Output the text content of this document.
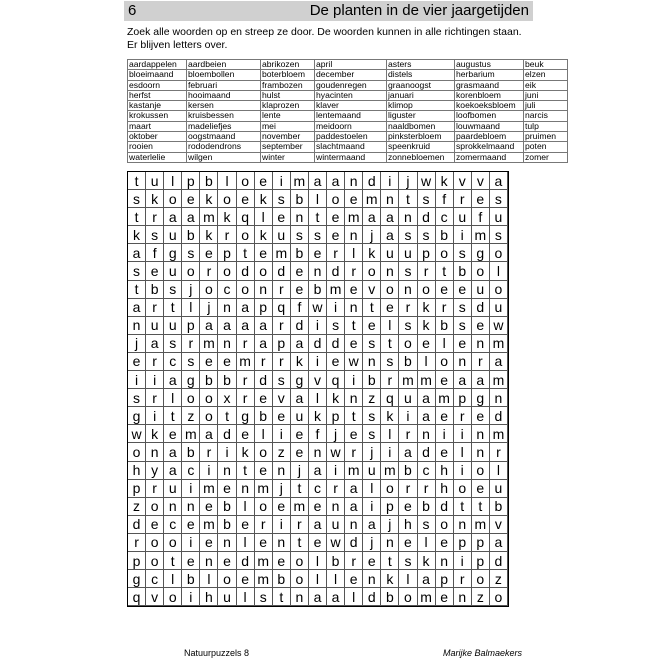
6	De planten in de vier jaargetijden
Zoek alle woorden op en streep ze door. De woorden kunnen in alle richtingen staan.
Er blijven letters over.
aardappelen	aardbeien	abrikozen	april	asters	augustus	beuk
bloeimaand	bloembollen	boterbloem	december	distels	herbarium	elzen
esdoorn	februari	frambozen	goudenregen	graanoogst	grasmaand	eik
herfst	hooimaand	hulst	hyacinten	januari	korenbloem	juni
kastanje	kersen	klaprozen	klaver	klimop	koekoeksbloem	juli
krokussen	kruisbessen	lente	lentemaand	liguster	loofbomen	narcis
maart	madeliefjes	mei	meidoorn	naaldbomen	louwmaand	tulp
oktober	oogstmaand	november	paddestoelen	pinksterbloem	paardebloem	pruimen
rooien	rododendrons	september	slachtmaand	speenkruid	sprokkelmaand	poten
waterlelie	wilgen	winter	wintermaand	zonnebloemen	zomermaand	zomer
t u l p b l o e i m a a n d i	j w k v v a
s k o e k o e k s b l o e m n t s f r e s
t r a a m k q l e n t e m a a n d c u f u
k s u b k r o k u s s e n j a s s b i m s
a f g s e p t e m b e r	l k u u p o s g o
s e u o r o d o d e n d r o n s r t b o l
t b s j o c o n r e b m e v o n o e e u o
a r t	l	j n a p q f w i n t e r k r s d u
n u u p a a a a r d i s t e l s k b s e w
j a s r m n r a p a d d e s t o e l e n m
e r c s e e m r r k i e w n s b l o n r a
i	i a g b b r d s g v q i b r m m e a a m
s r	l o o x r e v a l k n z q u a m p g n
g i	t z o t g b e u k p t s k i a e r e d
w k e m a d e l	i e f	j e s l	r n i	i n m
o n a b r	i k o z e n w r	j	i a d e l n r
h y a c i n t e n j a i m u m b c h i o l
p r u i m e n m j	t c r a l o r r h o e u
z o n n e b l o e m e n a i p e b d t	t b
d e c e m b e r	i	r a u n a j h s o n m v
r o o i e n l e n t e w d j n e l e p p a
p o t e n e d m e o l b r e t s k n i p d
g c l b l o e m b o l	l e n k l a p r o z
q v o i h u l s t n a a l d b o m e n z o
Natuurpuzzels 8	Marijke Balmaekers
